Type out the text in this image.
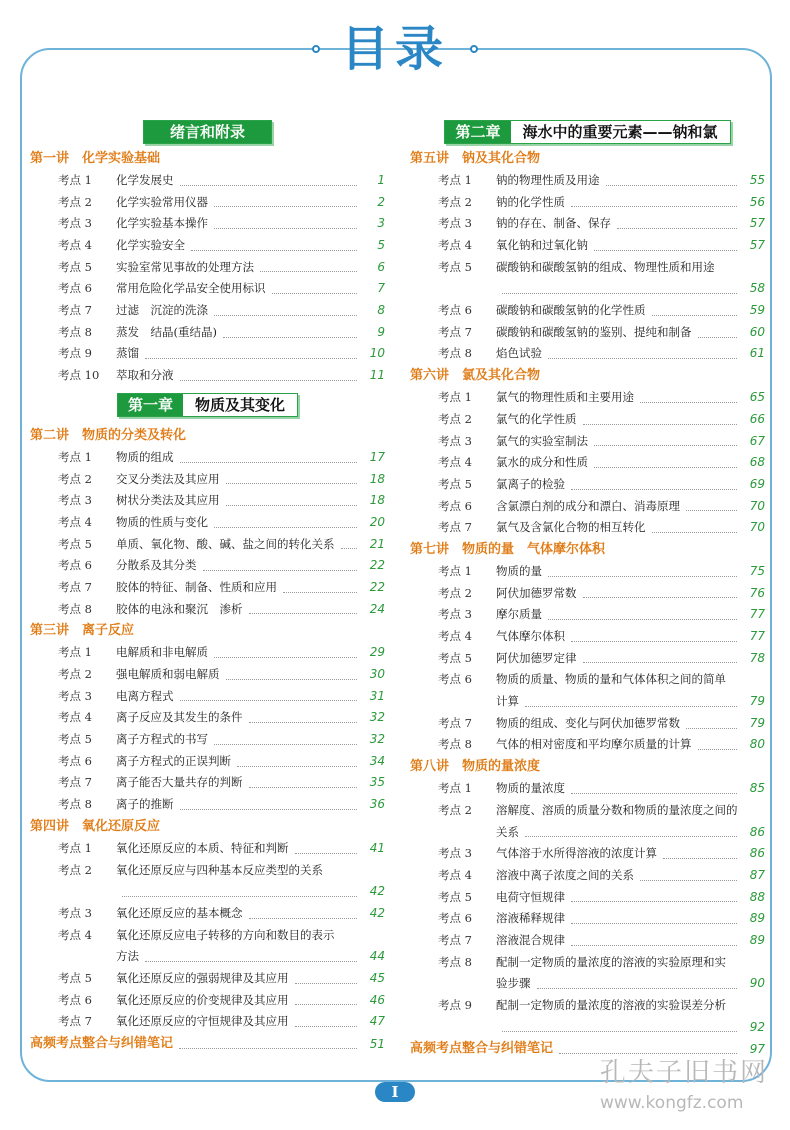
目录
绪言和附录
第一讲　化学实验基础
考点 1	化学发展史	1
考点 2	化学实验常用仪器	2
考点 3	化学实验基本操作	3
考点 4	化学实验安全	5
考点 5	实验室常见事故的处理方法	6
考点 6	常用危险化学品安全使用标识	7
考点 7	过滤　沉淀的洗涤	8
考点 8	蒸发　结晶(重结晶)	9
考点 9	蒸馏	10
考点 10	萃取和分液	11
第一章	物质及其变化
第二讲　物质的分类及转化
考点 1	物质的组成	17
考点 2	交叉分类法及其应用	18
考点 3	树状分类法及其应用	18
考点 4	物质的性质与变化	20
考点 5	单质、氧化物、酸、碱、盐之间的转化关系	21
考点 6	分散系及其分类	22
考点 7	胶体的特征、制备、性质和应用	22
考点 8	胶体的电泳和聚沉　渗析	24
第三讲　离子反应
考点 1	电解质和非电解质	29
考点 2	强电解质和弱电解质	30
考点 3	电离方程式	31
考点 4	离子反应及其发生的条件	32
考点 5	离子方程式的书写	32
考点 6	离子方程式的正误判断	34
考点 7	离子能否大量共存的判断	35
考点 8	离子的推断	36
第四讲　氧化还原反应
考点 1	氧化还原反应的本质、特征和判断	41
考点 2	氧化还原反应与四种基本反应类型的关系
42
考点 3	氧化还原反应的基本概念	42
考点 4	氧化还原反应电子转移的方向和数目的表示
方法	44
考点 5	氧化还原反应的强弱规律及其应用	45
考点 6	氧化还原反应的价变规律及其应用	46
考点 7	氧化还原反应的守恒规律及其应用	47
高频考点整合与纠错笔记	51
第二章	海水中的重要元素——钠和氯
第五讲　钠及其化合物
考点 1	钠的物理性质及用途	55
考点 2	钠的化学性质	56
考点 3	钠的存在、制备、保存	57
考点 4	氧化钠和过氧化钠	57
考点 5	碳酸钠和碳酸氢钠的组成、物理性质和用途
58
考点 6	碳酸钠和碳酸氢钠的化学性质	59
考点 7	碳酸钠和碳酸氢钠的鉴别、提纯和制备	60
考点 8	焰色试验	61
第六讲　氯及其化合物
考点 1	氯气的物理性质和主要用途	65
考点 2	氯气的化学性质	66
考点 3	氯气的实验室制法	67
考点 4	氯水的成分和性质	68
考点 5	氯离子的检验	69
考点 6	含氯漂白剂的成分和漂白、消毒原理	70
考点 7	氯气及含氯化合物的相互转化	70
第七讲　物质的量　气体摩尔体积
考点 1	物质的量	75
考点 2	阿伏加德罗常数	76
考点 3	摩尔质量	77
考点 4	气体摩尔体积	77
考点 5	阿伏加德罗定律	78
考点 6	物质的质量、物质的量和气体体积之间的简单
计算	79
考点 7	物质的组成、变化与阿伏加德罗常数	79
考点 8	气体的相对密度和平均摩尔质量的计算	80
第八讲　物质的量浓度
考点 1	物质的量浓度	85
考点 2	溶解度、溶质的质量分数和物质的量浓度之间的
关系	86
考点 3	气体溶于水所得溶液的浓度计算	86
考点 4	溶液中离子浓度之间的关系	87
考点 5	电荷守恒规律	88
考点 6	溶液稀释规律	89
考点 7	溶液混合规律	89
考点 8	配制一定物质的量浓度的溶液的实验原理和实
验步骤	90
考点 9	配制一定物质的量浓度的溶液的实验误差分析
92
高频考点整合与纠错笔记	97
I
孔夫子旧书网
www.kongfz.com
